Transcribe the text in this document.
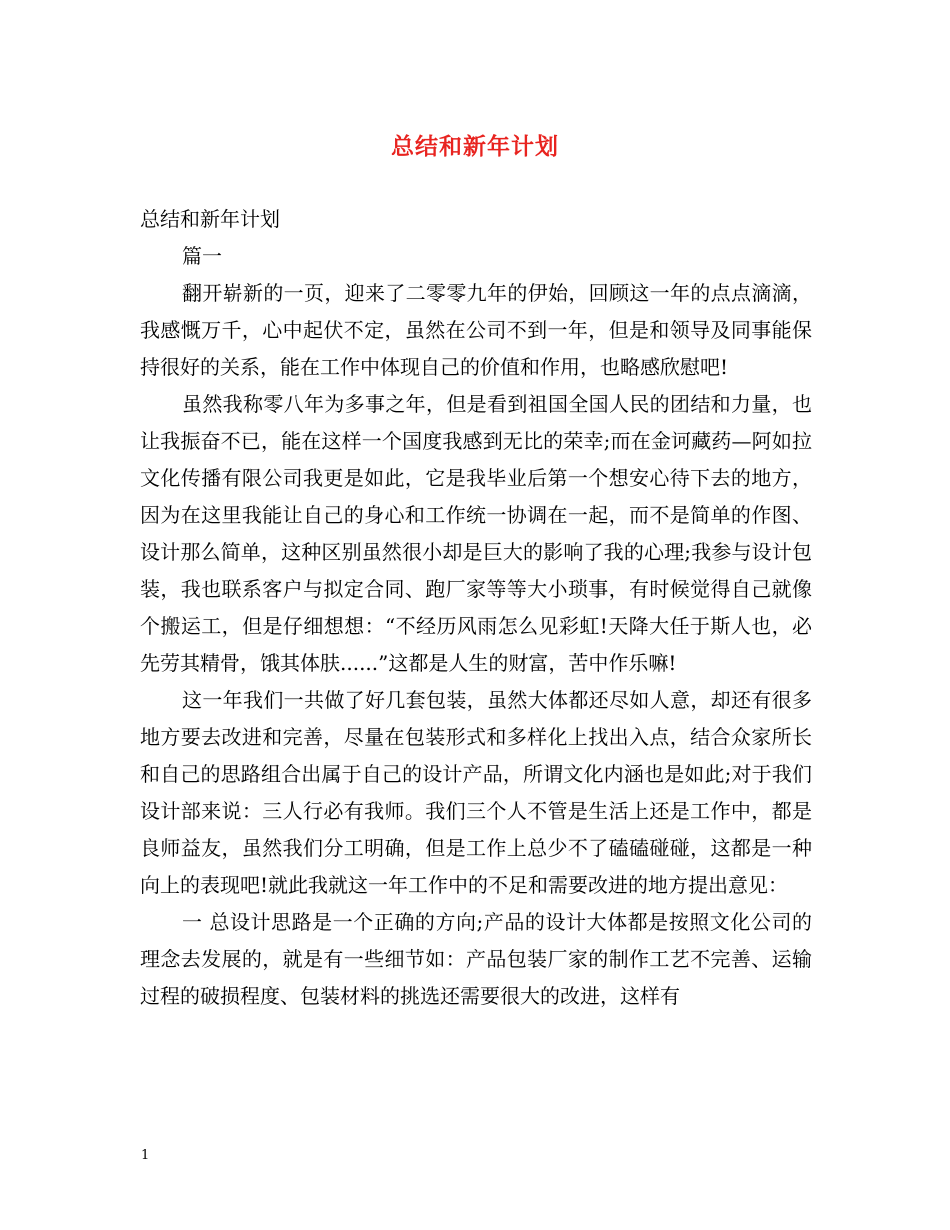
总结和新年计划

总结和新年计划

篇一

翻开崭新的一页，迎来了二零零九年的伊始，回顾这一年的点点滴滴，我感慨万千，心中起伏不定，虽然在公司不到一年，但是和领导及同事能保持很好的关系，能在工作中体现自己的价值和作用，也略感欣慰吧!

虽然我称零八年为多事之年，但是看到祖国全国人民的团结和力量，也让我振奋不已，能在这样一个国度我感到无比的荣幸;而在金诃藏药—阿如拉文化传播有限公司我更是如此，它是我毕业后第一个想安心待下去的地方，因为在这里我能让自己的身心和工作统一协调在一起，而不是简单的作图、设计那么简单，这种区别虽然很小却是巨大的影响了我的心理;我参与设计包装，我也联系客户与拟定合同、跑厂家等等大小琐事，有时候觉得自己就像个搬运工，但是仔细想想：“不经历风雨怎么见彩虹!天降大任于斯人也，必先劳其精骨，饿其体肤......”这都是人生的财富，苦中作乐嘛!

这一年我们一共做了好几套包装，虽然大体都还尽如人意，却还有很多地方要去改进和完善，尽量在包装形式和多样化上找出入点，结合众家所长和自己的思路组合出属于自己的设计产品，所谓文化内涵也是如此;对于我们设计部来说：三人行必有我师。我们三个人不管是生活上还是工作中，都是良师益友，虽然我们分工明确，但是工作上总少不了磕磕碰碰，这都是一种向上的表现吧!就此我就这一年工作中的不足和需要改进的地方提出意见：

一 总设计思路是一个正确的方向;产品的设计大体都是按照文化公司的理念去发展的，就是有一些细节如：产品包装厂家的制作工艺不完善、运输过程的破损程度、包装材料的挑选还需要很大的改进，这样有

1
